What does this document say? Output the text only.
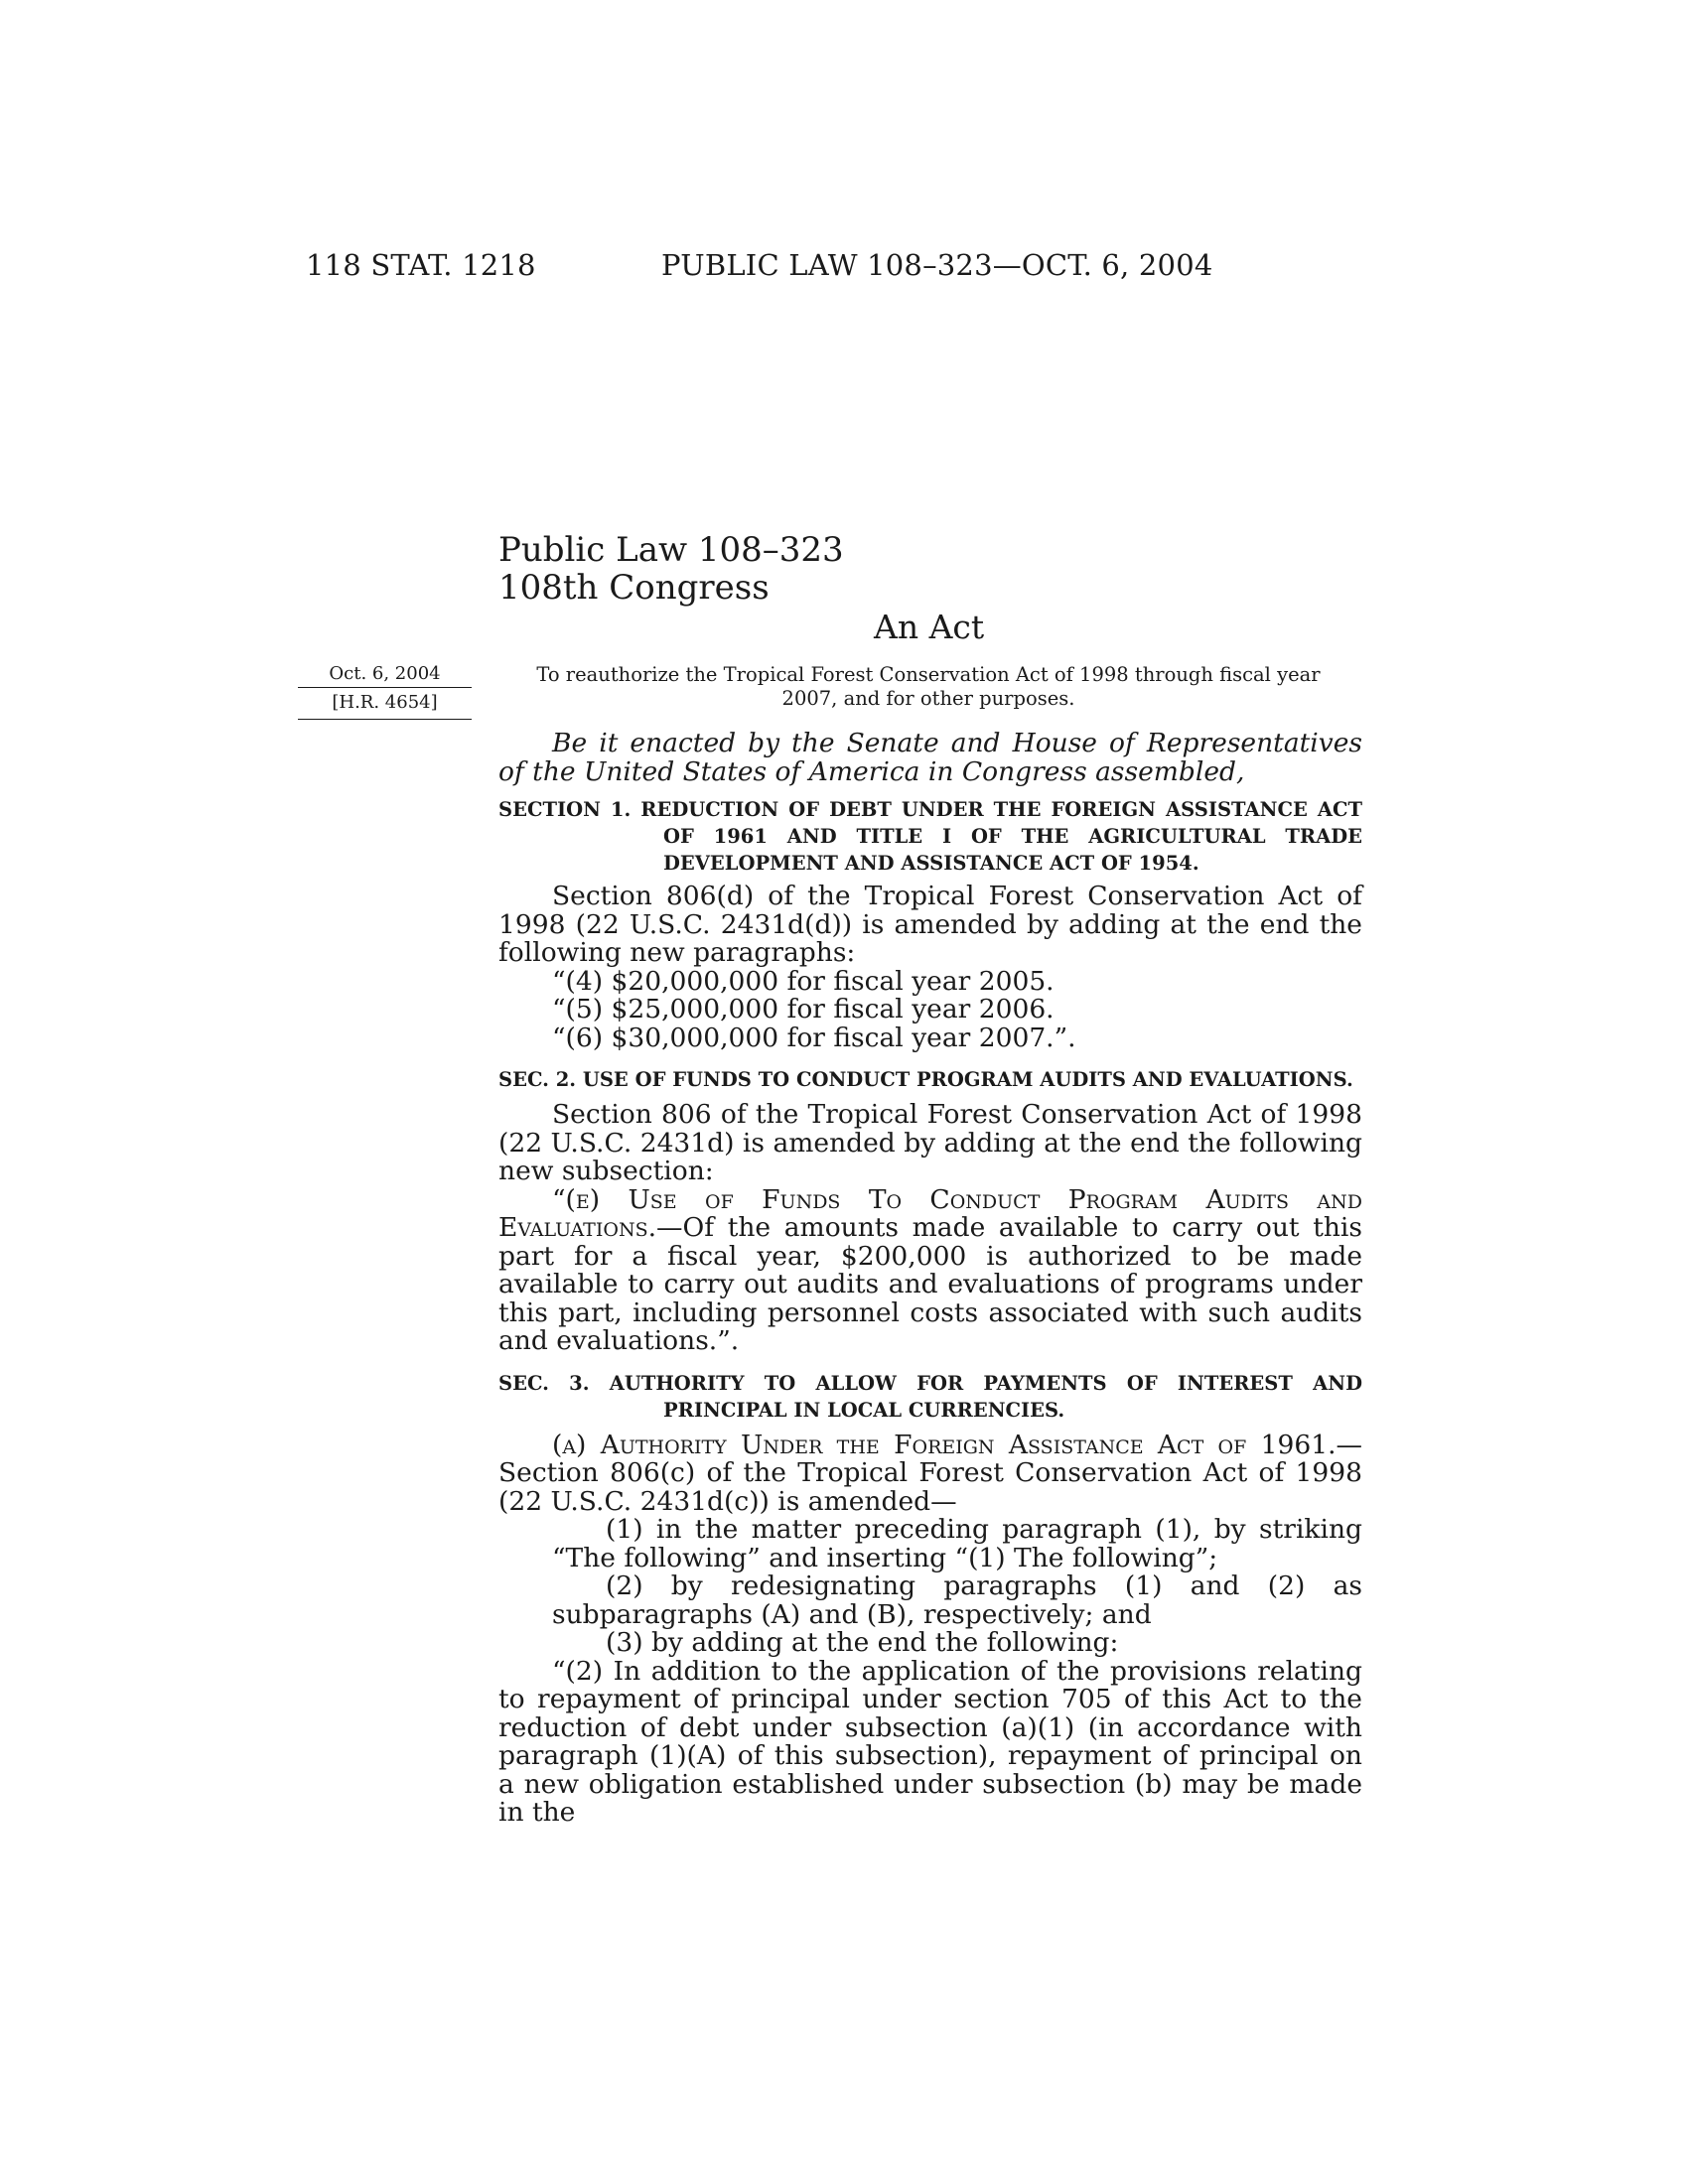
118 STAT. 1218	PUBLIC LAW 108–323—OCT. 6, 2004
Public Law 108–323
108th Congress
An Act
Oct. 6, 2004
[H.R. 4654]
To reauthorize the Tropical Forest Conservation Act of 1998 through fiscal year 2007, and for other purposes.

Be it enacted by the Senate and House of Representatives of the United States of America in Congress assembled,

SECTION 1. REDUCTION OF DEBT UNDER THE FOREIGN ASSISTANCE ACT OF 1961 AND TITLE I OF THE AGRICULTURAL TRADE DEVELOPMENT AND ASSISTANCE ACT OF 1954.

Section 806(d) of the Tropical Forest Conservation Act of 1998 (22 U.S.C. 2431d(d)) is amended by adding at the end the following new paragraphs:

“(4) $20,000,000 for fiscal year 2005.

“(5) $25,000,000 for fiscal year 2006.

“(6) $30,000,000 for fiscal year 2007.”.

SEC. 2. USE OF FUNDS TO CONDUCT PROGRAM AUDITS AND EVALUATIONS.

Section 806 of the Tropical Forest Conservation Act of 1998 (22 U.S.C. 2431d) is amended by adding at the end the following new subsection:

“(e) Use of Funds To Conduct Program Audits and Evaluations.—Of the amounts made available to carry out this part for a fiscal year, $200,000 is authorized to be made available to carry out audits and evaluations of programs under this part, including personnel costs associated with such audits and evaluations.”.

SEC. 3. AUTHORITY TO ALLOW FOR PAYMENTS OF INTEREST AND PRINCIPAL IN LOCAL CURRENCIES.

(a) Authority Under the Foreign Assistance Act of 1961.— Section 806(c) of the Tropical Forest Conservation Act of 1998 (22 U.S.C. 2431d(c)) is amended—

(1) in the matter preceding paragraph (1), by striking “The following” and inserting “(1) The following”;

(2) by redesignating paragraphs (1) and (2) as subparagraphs (A) and (B), respectively; and

(3) by adding at the end the following:

“(2) In addition to the application of the provisions relating to repayment of principal under section 705 of this Act to the reduction of debt under subsection (a)(1) (in accordance with paragraph (1)(A) of this subsection), repayment of principal on a new obligation established under subsection (b) may be made in the
